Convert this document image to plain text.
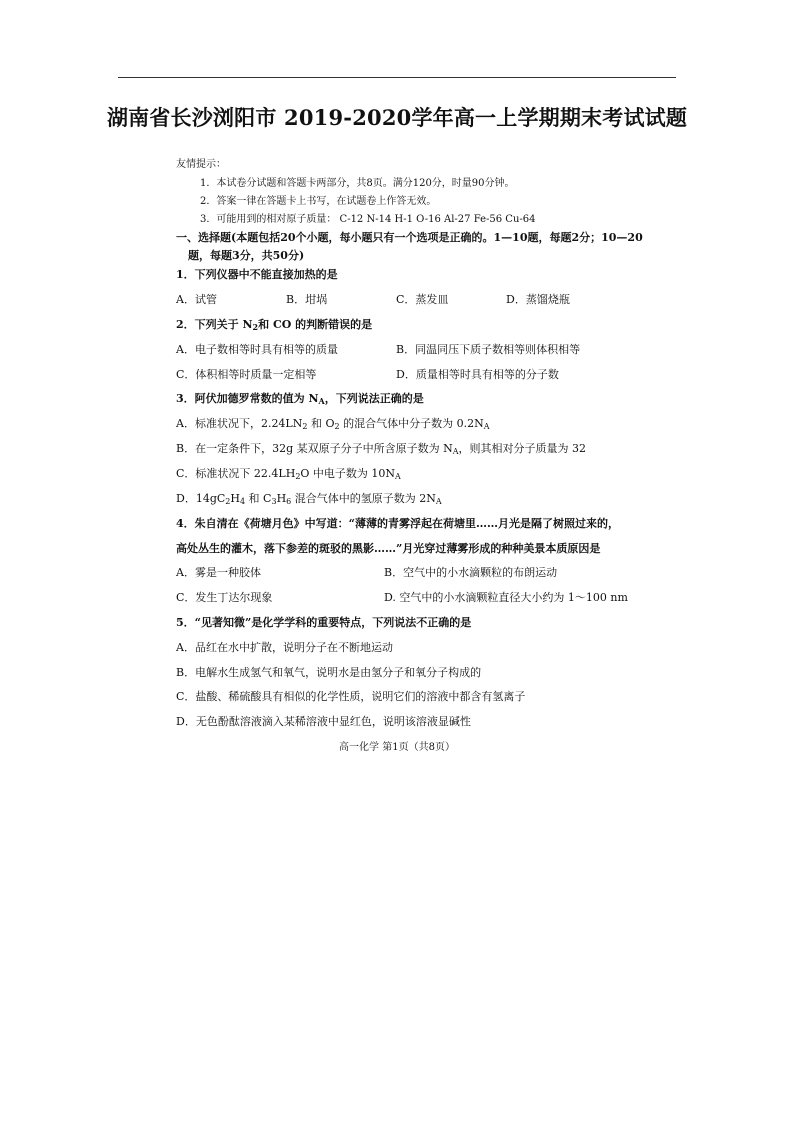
湖南省长沙浏阳市 2019-2020学年高一上学期期末考试试题
友情提示：
1．本试卷分试题和答题卡两部分，共8页。满分120分，时量90分钟。
2．答案一律在答题卡上书写，在试题卷上作答无效。
3．可能用到的相对原子质量： C-12 N-14 H-1 O-16 Al-27 Fe-56 Cu-64
一、选择题(本题包括20个小题，每小题只有一个选项是正确的。1—10题，每题2分；10—20
题，每题3分，共50分)
1．下列仪器中不能直接加热的是
A．试管	B．坩埚	C．蒸发皿	D．蒸馏烧瓶
2．下列关于 $N_2$和 CO 的判断错误的是
A．电子数相等时具有相等的质量	B．同温同压下质子数相等则体积相等
C．体积相等时质量一定相等	D．质量相等时具有相等的分子数
3．阿伏加德罗常数的值为 $N_A$，下列说法正确的是
A．标准状况下，$2.24LN_2$ 和 $O_2$ 的混合气体中分子数为 $0.2N_A$
B．在一定条件下，32g 某双原子分子中所含原子数为 $N_A$，则其相对分子质量为 32
C．标准状况下 $22.4LH_2O$ 中电子数为 $10N_A$
D．$14gC_2H_4$ 和 $C_3H_6$ 混合气体中的氢原子数为 $2N_A$
4．朱自清在《荷塘月色》中写道：“薄薄的青雾浮起在荷塘里……月光是隔了树照过来的，
高处丛生的灌木，落下参差的斑驳的黑影……”月光穿过薄雾形成的种种美景本质原因是
A．雾是一种胶体	B．空气中的小水滴颗粒的布朗运动
C．发生丁达尔现象	D. 空气中的小水滴颗粒直径大小约为 1～100 nm
5．“见著知微”是化学学科的重要特点，下列说法不正确的是
A．品红在水中扩散，说明分子在不断地运动
B．电解水生成氢气和氧气，说明水是由氢分子和氧分子构成的
C．盐酸、稀硫酸具有相似的化学性质，说明它们的溶液中都含有氢离子
D．无色酚酞溶液滴入某稀溶液中显红色，说明该溶液显碱性
高一化学 第1页（共8页）
